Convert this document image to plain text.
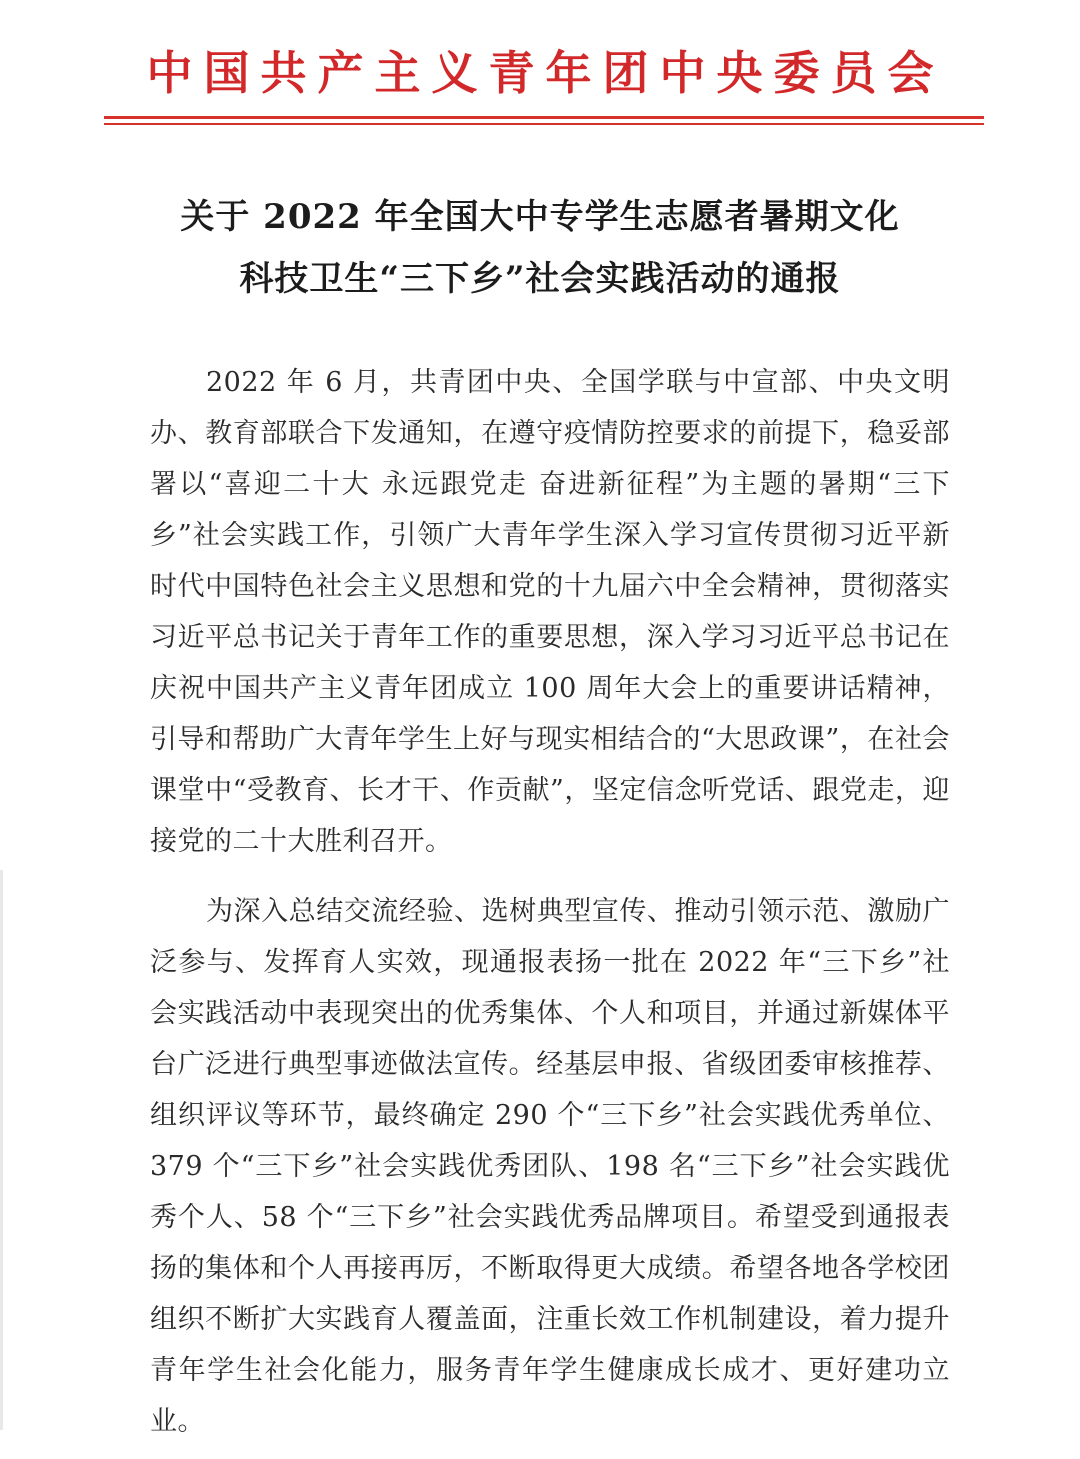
中国共产主义青年团中央委员会
关于 2022 年全国大中专学生志愿者暑期文化
科技卫生“三下乡”社会实践活动的通报

2022 年 6 月，共青团中央、全国学联与中宣部、中央文明办、教育部联合下发通知，在遵守疫情防控要求的前提下，稳妥部署以“喜迎二十大 永远跟党走 奋进新征程”为主题的暑期“三下乡”社会实践工作，引领广大青年学生深入学习宣传贯彻习近平新时代中国特色社会主义思想和党的十九届六中全会精神，贯彻落实习近平总书记关于青年工作的重要思想，深入学习习近平总书记在庆祝中国共产主义青年团成立 100 周年大会上的重要讲话精神，引导和帮助广大青年学生上好与现实相结合的“大思政课”，在社会课堂中“受教育、长才干、作贡献”，坚定信念听党话、跟党走，迎接党的二十大胜利召开。

为深入总结交流经验、选树典型宣传、推动引领示范、激励广泛参与、发挥育人实效，现通报表扬一批在 2022 年“三下乡”社会实践活动中表现突出的优秀集体、个人和项目，并通过新媒体平台广泛进行典型事迹做法宣传。经基层申报、省级团委审核推荐、组织评议等环节，最终确定 290 个“三下乡”社会实践优秀单位、379 个“三下乡”社会实践优秀团队、198 名“三下乡”社会实践优秀个人、58 个“三下乡”社会实践优秀品牌项目。希望受到通报表扬的集体和个人再接再厉，不断取得更大成绩。希望各地各学校团组织不断扩大实践育人覆盖面，注重长效工作机制建设，着力提升青年学生社会化能力，服务青年学生健康成长成才、更好建功立业。
